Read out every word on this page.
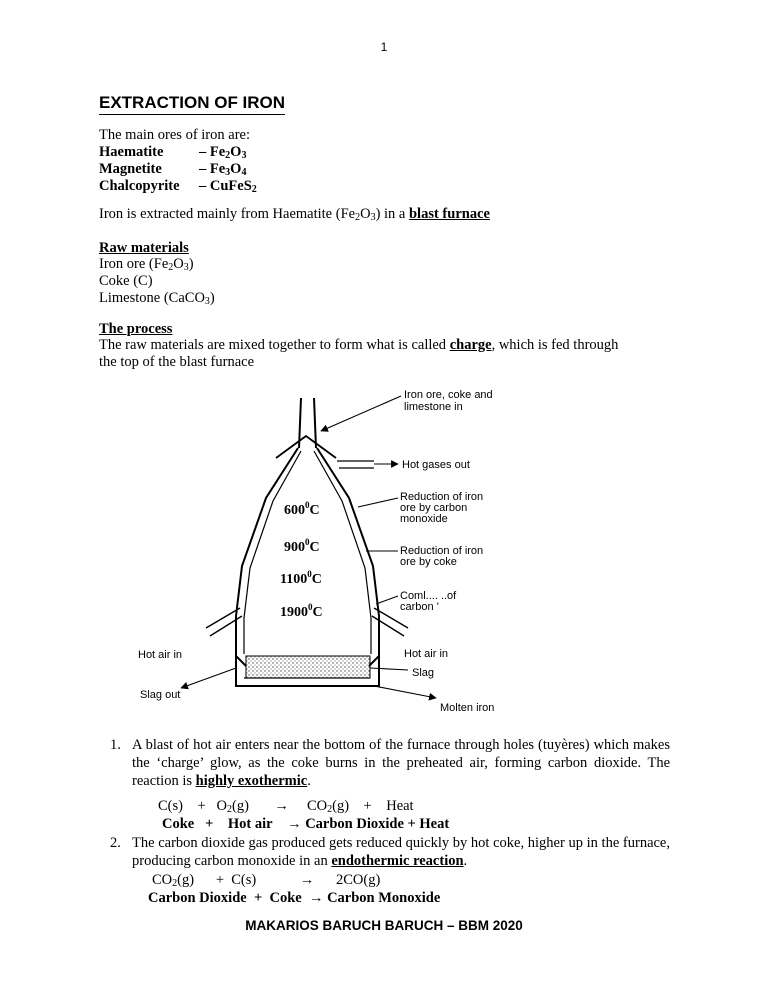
1
EXTRACTION OF IRON
The main ores of iron are:
Haematite – $Fe_2O_3$
Magnetite	– $Fe_3O_4$
Chalcopyrite – CuFeS$_2$
Iron is extracted mainly from Haematite $(Fe_2O_3)$ in a blast furnace
Raw materials
Iron ore $(Fe_2O_3)$
Coke (C)
Limestone (CaCO$_3$)
The process
The raw materials are mixed together to form what is called charge, which is fed through
the top of the blast furnace
$600^0C$
$900^0C$
1100$^0$C
1900$^0$C
Iron ore, coke and limestone in
Hot gases out
Reduction of iron ore by carbon monoxide
Reduction of iron ore by coke
Coml.... ..of carbon '
Hot air in	Hot air in
Slag
Slag out
Molten iron
1. A blast of hot air enters near the bottom of the furnace through holes (tuyères) which makes the ‘charge’ glow, as the coke burns in the preheated air, forming carbon dioxide. The reaction is highly exothermic.
$C(s) + O_2(g) \to CO_2(g)$ + Heat
Coke + Hot air → Carbon Dioxide + Heat
2. The carbon dioxide gas produced gets reduced quickly by hot coke, higher up in the furnace, producing carbon monoxide in an endothermic reaction.
$CO_2(g) + C(s)$	→ 2CO(g)
Carbon Dioxide + Coke → Carbon Monoxide
MAKARIOS BARUCH BARUCH – BBM 2020
